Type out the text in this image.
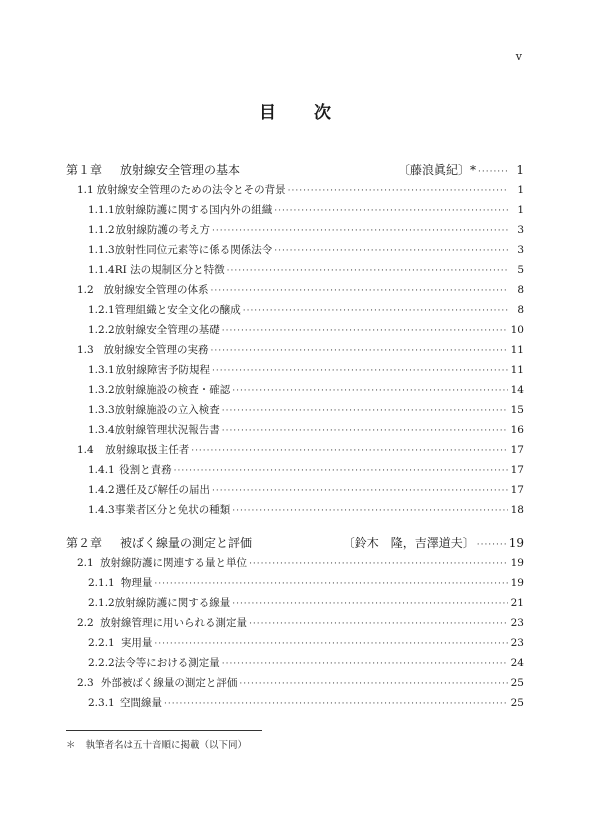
v
目 次
第１章	放射線安全管理の基本	〔藤浪眞紀〕* ·····	1
1.1 放射線安全管理のための法令とその背景 ·····	1
1.1.1 放射線防護に関する国内外の組織 ·····	1
1.1.2 放射線防護の考え方 ·····	3
1.1.3 放射性同位元素等に係る関係法令 ·····	3
1.1.4 RI 法の規制区分と特徴 ·····	5
1.2 放射線安全管理の体系 ·····	8
1.2.1 管理組織と安全文化の醸成 ·····	8
1.2.2 放射線安全管理の基礎 ·····	10
1.3 放射線安全管理の実務 ·····	11
1.3.1 放射線障害予防規程 ·····	11
1.3.2 放射線施設の検査・確認 ·····	14
1.3.3 放射線施設の立入検査 ·····	15
1.3.4 放射線管理状況報告書 ·····	16
1.4	放射線取扱主任者 ·····	17
1.4.1 役割と責務 ·····	17
1.4.2 選任及び解任の届出 ·····	17
1.4.3 事業者区分と免状の種類 ·····	18
第２章	被ばく線量の測定と評価	〔鈴木　隆，吉澤道夫〕 ·····	19
2.1 放射線防護に関連する量と単位 ·····	19
2.1.1 物理量 ·····	19
2.1.2 放射線防護に関する線量 ·····	21
2.2 放射線管理に用いられる測定量 ·····	23
2.2.1 実用量 ·····	23
2.2.2 法令等における測定量 ·····	24
2.3 外部被ばく線量の測定と評価 ·····	25
2.3.1 空間線量 ·····	25
＊ 執筆者名は五十音順に掲載（以下同）
